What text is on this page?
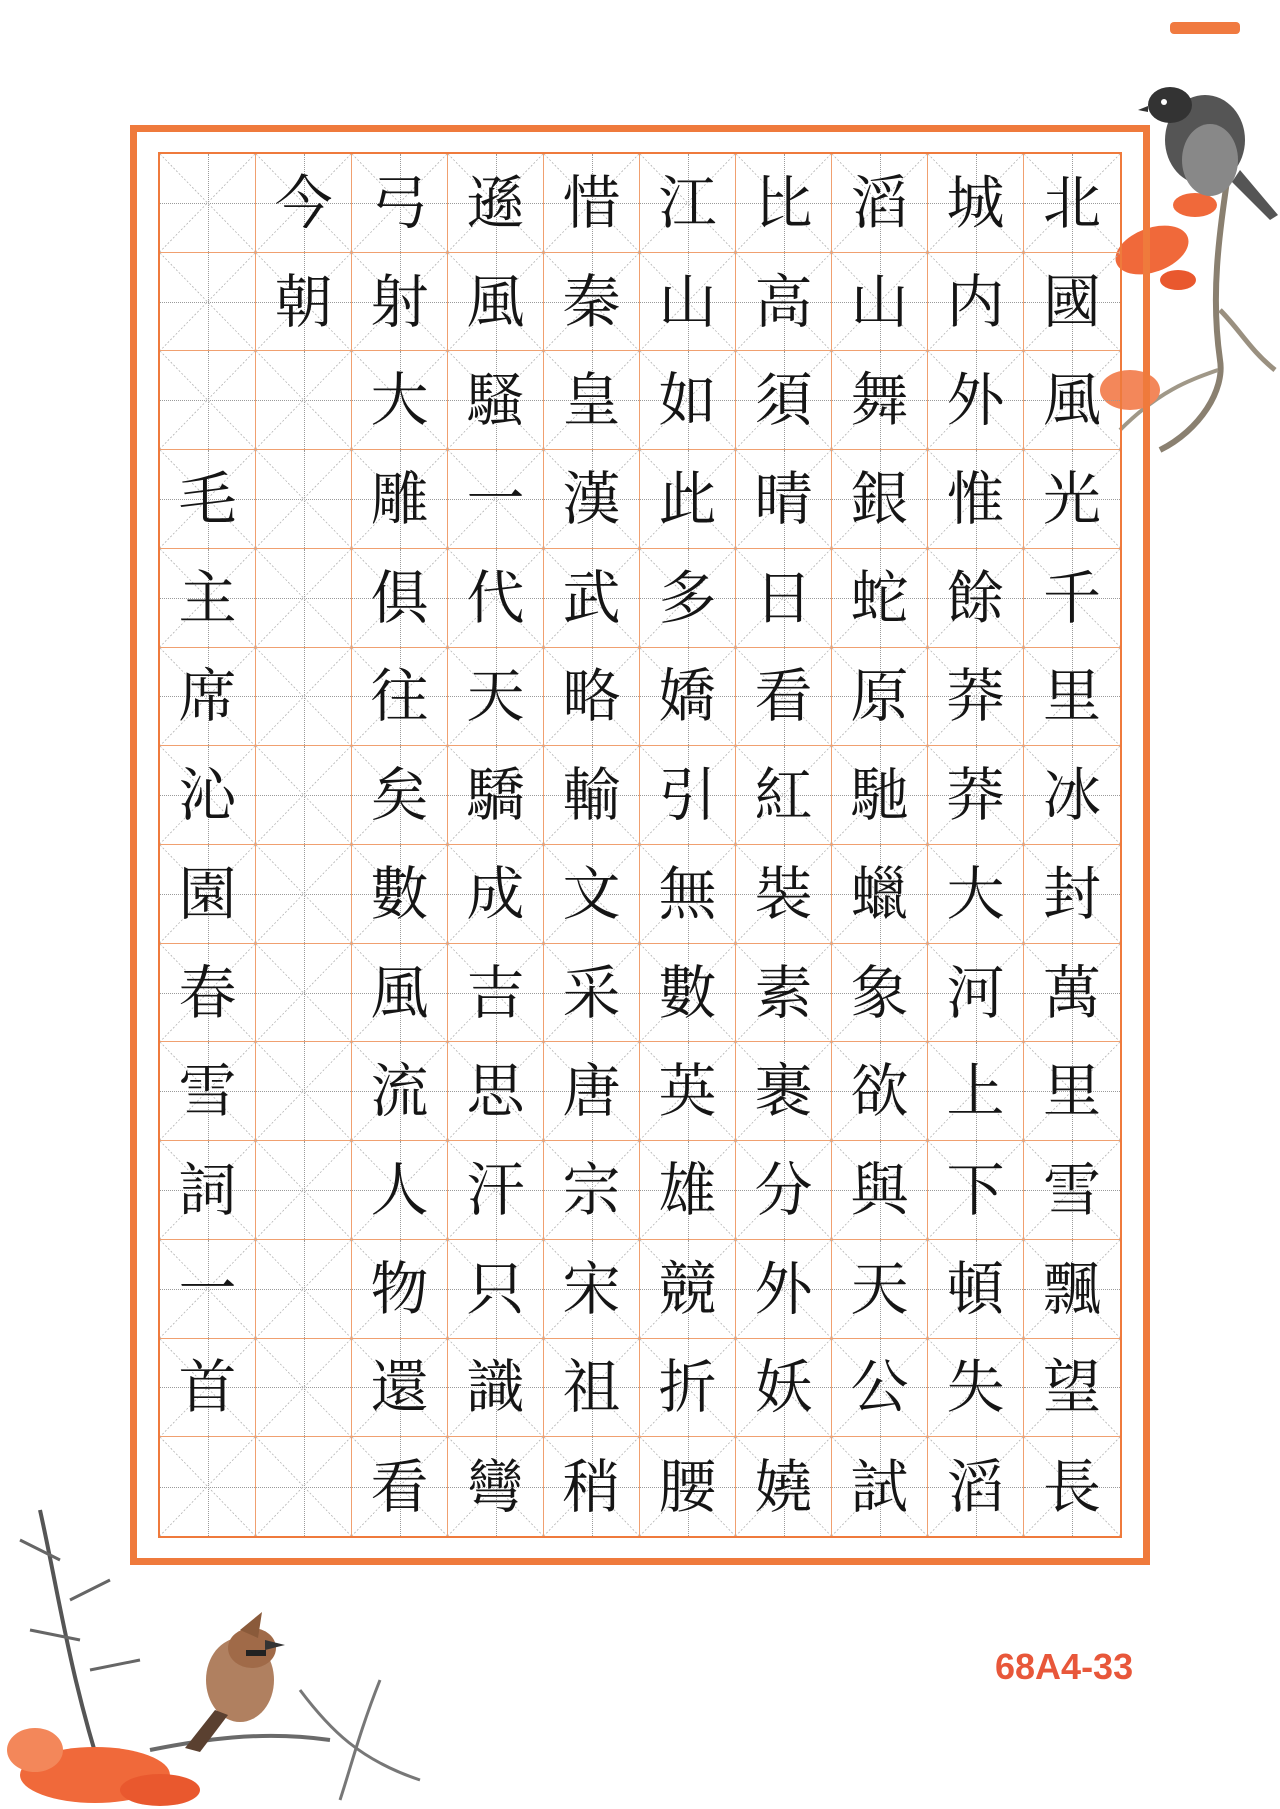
今 弓 遜 惜 江 比 滔 城 北
朝 射 風 秦 山 高 山 内 國
大 騷 皇 如 須 舞 外 風
毛 雕 一 漢 此 晴 銀 惟 光
主 俱 代 武 多 日 蛇 餘 千
席 往 天 略 嬌 看 原 莽 里
沁 矣 驕 輸 引 紅 馳 莽 冰
園 數 成 文 無 裝 蠟 大 封
春 風 吉 采 數 素 象 河 萬
雪 流 思 唐 英 裹 欲 上 里
詞 人 汗 宗 雄 分 與 下 雪
一 物 只 宋 競 外 天 頓 飄
首 還 識 祖 折 妖 公 失 望
看 彎 稍 腰 嬈 試 滔 長
68A4-33
